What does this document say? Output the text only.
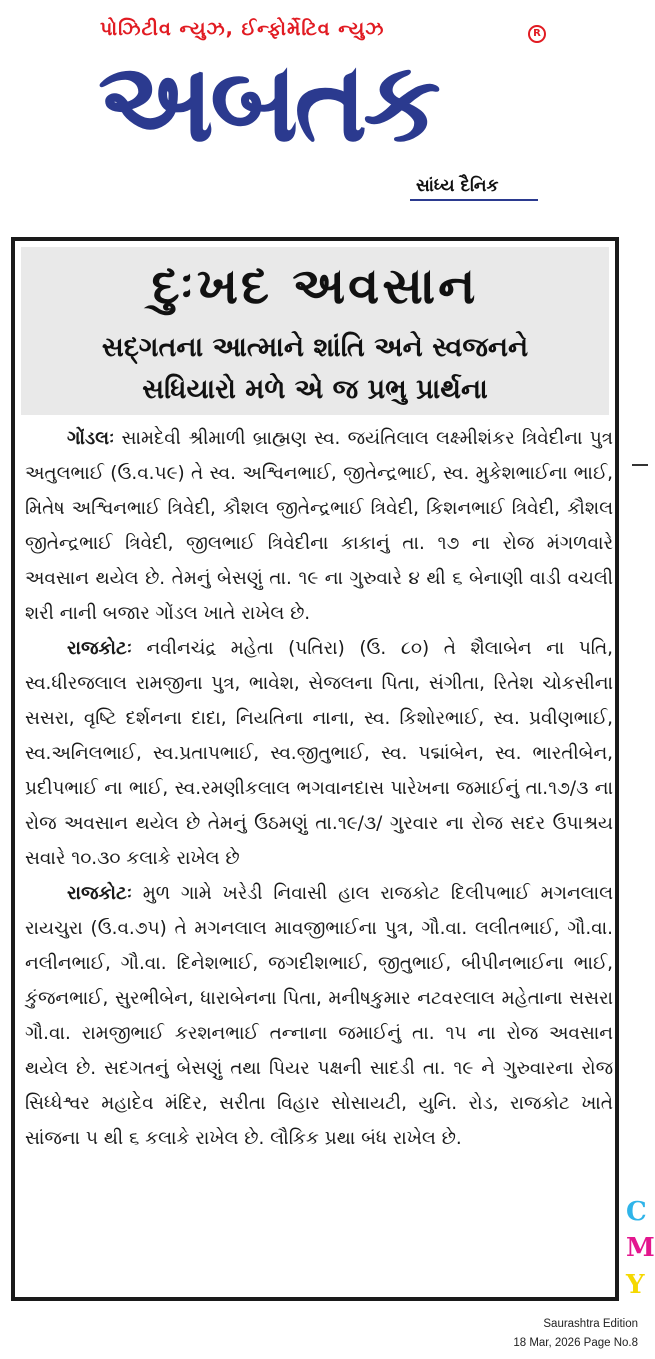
પોઝિટીવ ન્યુઝ, ઈન્ફોર્મેટિવ ન્યુઝ	R
અબતક
સાંધ્ય દૈનિક
દુઃખદ અવસાન
સદ્ગતના આત્માને શાંતિ અને સ્વજનને
સધિયારો મળે એ જ પ્રભુ પ્રાર્થના

ગોંડલઃ સામદેવી શ્રીમાળી બ્રાહ્મણ સ્વ. જયંતિલાલ લક્ષ્મીશંકર ત્રિવેદીના પુત્ર અતુલભાઈ (ઉ.વ.૫૯) તે સ્વ. અશ્વિનભાઈ, જીતેન્દ્રભાઈ, સ્વ. મુકેશભાઈના ભાઈ, મિતેષ અશ્વિનભાઈ ત્રિવેદી, કૌશલ જીતેન્દ્રભાઈ ત્રિવેદી, કિશનભાઈ ત્રિવેદી, કૌશલ જીતેન્દ્રભાઈ ત્રિવેદી, જીલભાઈ ત્રિવેદીના કાકાનું તા. ૧૭ ના રોજ મંગળવારે અવસાન થયેલ છે. તેમનું બેસણું તા. ૧૯ ના ગુરુવારે ૪ થી ૬ બેનાણી વાડી વચલી શરી નાની બજાર ગોંડલ ખાતે રાખેલ છે.

રાજકોટઃ નવીનચંદ્ર મહેતા (પતિરા) (ઉ. ૮૦) તે શૈલાબેન ના પતિ, સ્વ.ધીરજલાલ રામજીના પુત્ર, ભાવેશ, સેજલના પિતા, સંગીતા, રિતેશ ચોકસીના સસરા, વૃષ્ટિ દર્શનના દાદા, નિયતિના નાના, સ્વ. કિશોરભાઈ, સ્વ. પ્રવીણભાઈ, સ્વ.અનિલભાઈ, સ્વ.પ્રતાપભાઈ, સ્વ.જીતુભાઈ, સ્વ. પદ્માંબેન, સ્વ. ભારતીબેન, પ્રદીપભાઈ ના ભાઈ, સ્વ.રમણીકલાલ ભગવાનદાસ પારેખના જમાઈનું તા.૧૭/૩ ના રોજ અવસાન થયેલ છે તેમનું ઉઠમણું તા.૧૯/૩/ ગુરવાર ના રોજ સદર ઉપાશ્રય સવારે ૧૦.૩૦ કલાકે રાખેલ છે

રાજકોટઃ મુળ ગામે ખરેડી નિવાસી હાલ રાજકોટ દિલીપભાઈ મગનલાલ રાયચુરા (ઉ.વ.૭૫) તે મગનલાલ માવજીભાઈના પુત્ર, ગૌ.વા. લલીતભાઈ, ગૌ.વા. નલીનભાઈ, ગૌ.વા. દિનેશભાઈ, જગદીશભાઈ, જીતુભાઈ, બીપીનભાઈના ભાઈ, કુંજનભાઈ, સુરભીબેન, ધારાબેનના પિતા, મનીષકુમાર નટવરલાલ મહેતાના સસરા ગૌ.વા. રામજીભાઈ કરશનભાઈ તન્નાના જમાઈનું તા. ૧૫ ના રોજ અવસાન થયેલ છે. સદગતનું બેસણું તથા પિયર પક્ષની સાદડી તા. ૧૯ ને ગુરુવારના રોજ સિધ્ધેશ્વર મહાદેવ મંદિર, સરીતા વિહાર સોસાયટી, યુનિ. રોડ, રાજકોટ ખાતે સાંજના ૫ થી ૬ કલાકે રાખેલ છે. લૌકિક પ્રથા બંધ રાખેલ છે.

C
M
Y
Saurashtra Edition
18 Mar, 2026 Page No.8
